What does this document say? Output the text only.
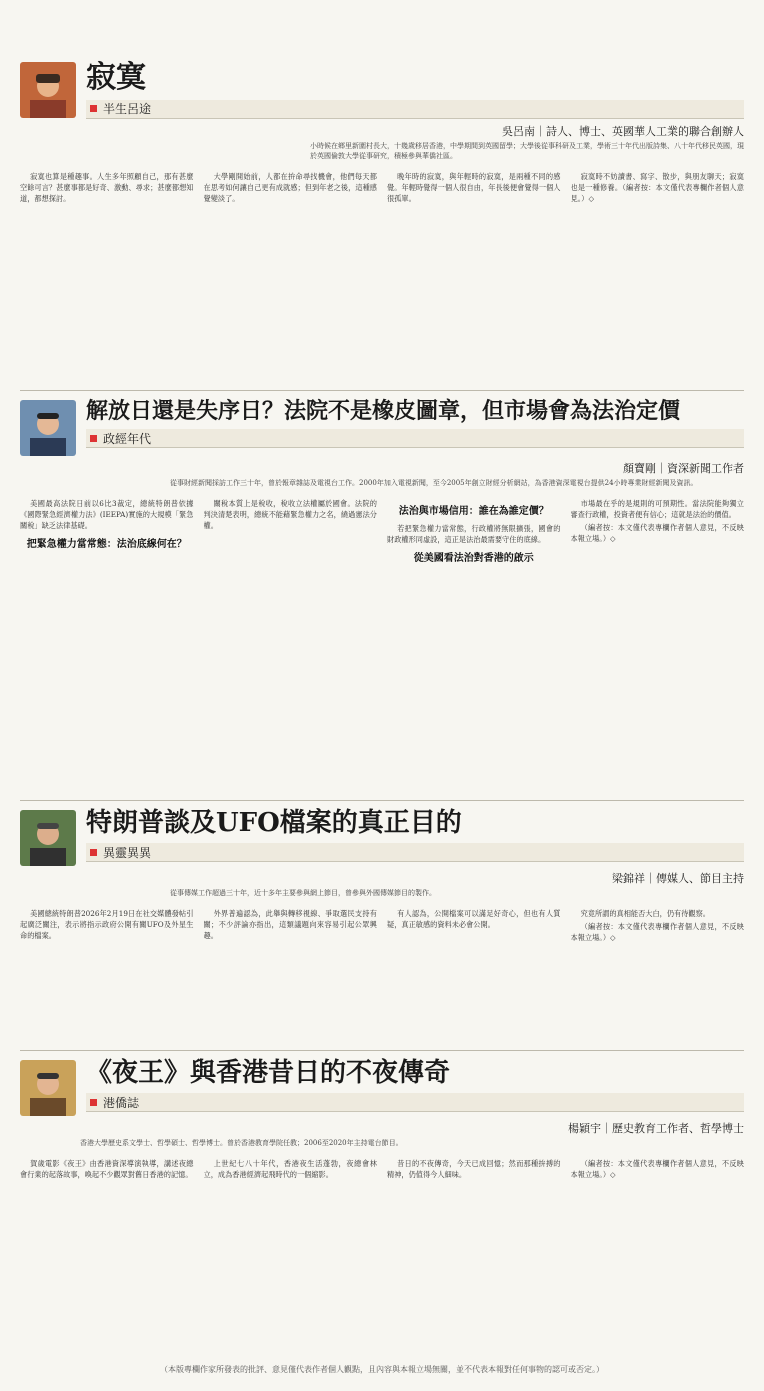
寂寞
半生呂途
吳呂南｜詩人、博士、英國華人工業的聯合創辦人
小時候在鄉里新圍村長大，十幾歲移居香港，中學期間到英國留學；大學後從事科研及工業，學術三十年代出版詩集、八十年代移民英國，現於英國倫敦大學從事研究，積極參與華僑社區。

寂寞也算是種趣事。人生多年照顧自己，那有甚麼空餘可言？甚麼事都是好奇、激動、尋求；甚麼都想知道，都想探討。

大學剛開始前，人都在拚命尋找機會，他們每天都在思考如何讓自己更有成就感；但到年老之後，這種感覺變淡了。

晚年時的寂寞，與年輕時的寂寞，是兩種不同的感覺。年輕時覺得一個人很自由，年長後便會覺得一個人很孤單。

寂寞時不妨讀書、寫字、散步，與朋友聊天；寂寞也是一種修養。（編者按：本文僅代表專欄作者個人意見。）◇

解放日還是失序日？法院不是橡皮圖章，但市場會為法治定價
政經年代
顏寶剛｜資深新聞工作者
從事財經新聞採訪工作三十年，曾於報章雜誌及電視台工作。2000年加入電視新聞，至今2005年創立財經分析網站，為香港資深電視台提供24小時專業財經新聞及資訊。

美國最高法院日前以6比3裁定，總統特朗普依據《國際緊急經濟權力法》(IEEPA)實施的大規模「緊急關稅」缺乏法律基礎。

把緊急權力當常態：法治底線何在？

關稅本質上是稅收，稅收立法權屬於國會。法院的判決清楚表明，總統不能藉緊急權力之名，繞過憲法分權。

法治與市場信用：誰在為誰定價？

若把緊急權力當常態，行政權將無限擴張，國會的財政權形同虛設，這正是法治最需要守住的底線。

從美國看法治對香港的啟示

市場最在乎的是規則的可預期性。當法院能夠獨立審查行政權，投資者便有信心；這就是法治的價值。

（編者按：本文僅代表專欄作者個人意見，不反映本報立場。）◇

特朗普談及UFO檔案的真正目的
異靈異異
梁錦祥｜傳媒人、節目主持
從事傳媒工作超過三十年，近十多年主要參與網上節目，曾參與外國傳媒節目的製作。

美國總統特朗普2026年2月19日在社交媒體發帖引起廣泛關注，表示將指示政府公開有關UFO及外星生命的檔案。

外界普遍認為，此舉與轉移視線、爭取選民支持有關；不少評論亦指出，這類議題向來容易引起公眾興趣。

有人認為，公開檔案可以滿足好奇心，但也有人質疑，真正敏感的資料未必會公開。

究竟所謂的真相能否大白，仍有待觀察。

（編者按：本文僅代表專欄作者個人意見，不反映本報立場。）◇

《夜王》與香港昔日的不夜傳奇
港僑誌
楊穎宇｜歷史教育工作者、哲學博士
香港大學歷史系文學士、哲學碩士、哲學博士。曾於香港教育學院任教；2006至2020年主持電台節目。

賀歲電影《夜王》由香港資深導演執導，講述夜總會行業的起落故事，喚起不少觀眾對舊日香港的記憶。

上世紀七八十年代，香港夜生活蓬勃，夜總會林立，成為香港經濟起飛時代的一個縮影。

昔日的不夜傳奇，今天已成回憶；然而那種拚搏的精神，仍值得今人細味。

（編者按：本文僅代表專欄作者個人意見，不反映本報立場。）◇

（本版專欄作家所發表的批評、意見僅代表作者個人觀點，且內容與本報立場無關，並不代表本報對任何事物的認可或否定。）
